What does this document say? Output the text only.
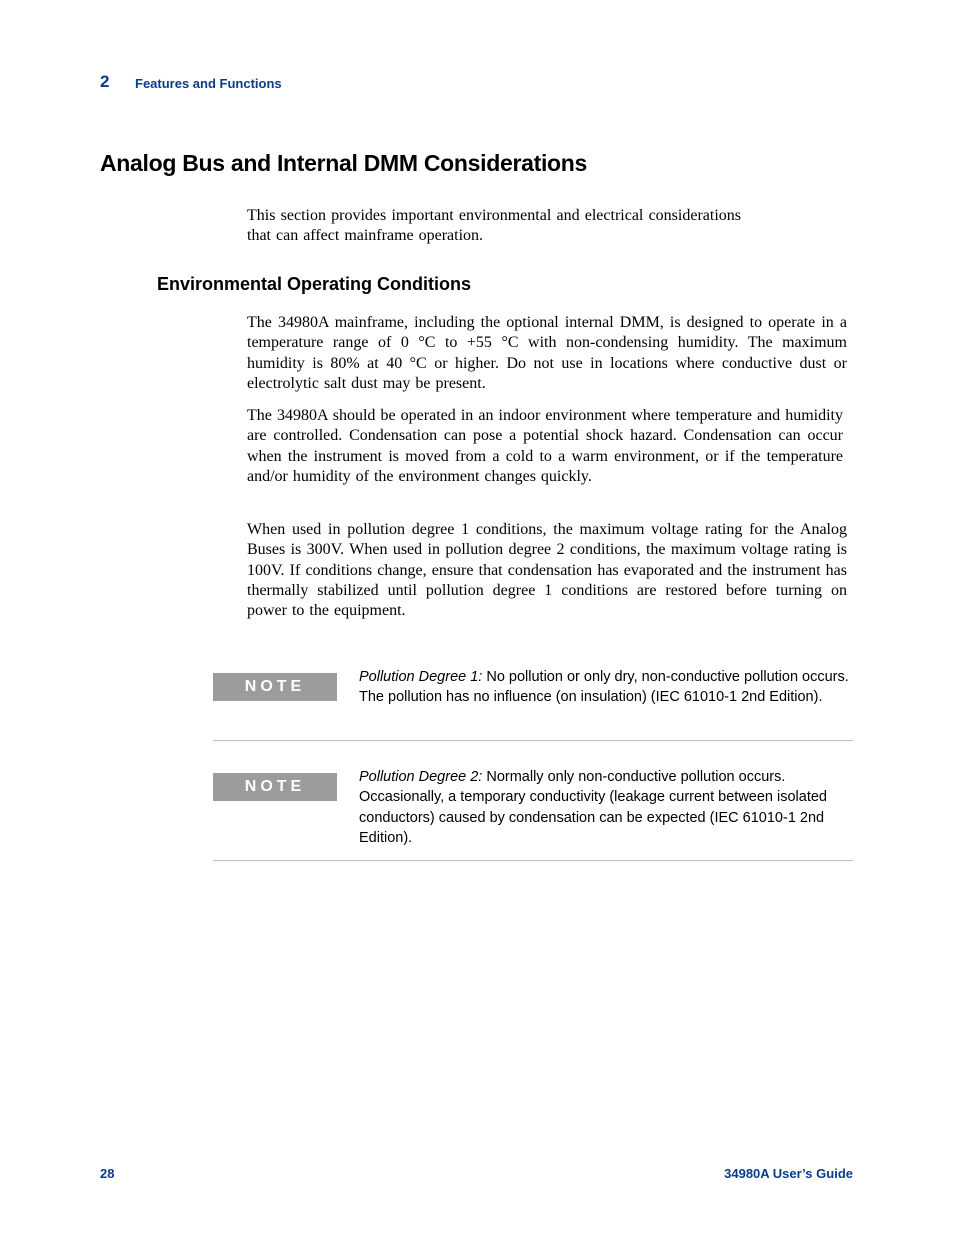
2 Features and Functions
Analog Bus and Internal DMM Considerations

This section provides important environmental and electrical considerations that can affect mainframe operation.

Environmental Operating Conditions

The 34980A mainframe, including the optional internal DMM, is designed to operate in a temperature range of 0 °C to +55 °C with non-condensing humidity. The maximum humidity is 80% at 40 °C or higher. Do not use in locations where conductive dust or electrolytic salt dust may be present.

The 34980A should be operated in an indoor environment where temperature and humidity are controlled. Condensation can pose a potential shock hazard. Condensation can occur when the instrument is moved from a cold to a warm environment, or if the temperature and/or humidity of the environment changes quickly.

When used in pollution degree 1 conditions, the maximum voltage rating for the Analog Buses is 300V. When used in pollution degree 2 conditions, the maximum voltage rating is 100V. If conditions change, ensure that condensation has evaporated and the instrument has thermally stabilized until pollution degree 1 conditions are restored before turning on power to the equipment.

NOTE

Pollution Degree 1: No pollution or only dry, non-conductive pollution occurs. The pollution has no influence (on insulation) (IEC 61010-1 2nd Edition).

NOTE

Pollution Degree 2: Normally only non-conductive pollution occurs. Occasionally, a temporary conductivity (leakage current between isolated conductors) caused by condensation can be expected (IEC 61010-1 2nd Edition).

28	34980A User’s Guide
